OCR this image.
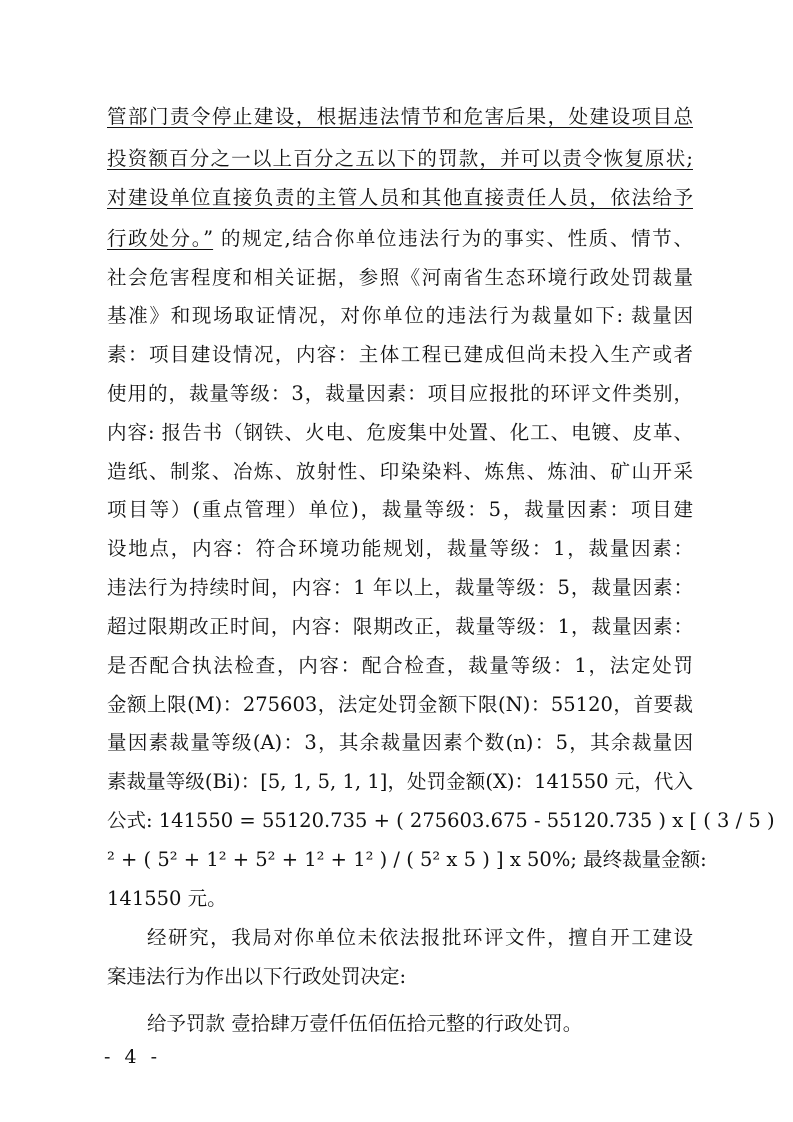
管部门责令停止建设，根据违法情节和危害后果，处建设项目总
投资额百分之一以上百分之五以下的罚款，并可以责令恢复原状;
对建设单位直接负责的主管人员和其他直接责任人员，依法给予
行政处分。” 的规定,结合你单位违法行为的事实、性质、情节、
社会危害程度和相关证据，参照《河南省生态环境行政处罚裁量
基准》和现场取证情况，对你单位的违法行为裁量如下: 裁量因
素：项目建设情况，内容：主体工程已建成但尚未投入生产或者
使用的，裁量等级：3，裁量因素：项目应报批的环评文件类别，
内容: 报告书（钢铁、火电、危废集中处置、化工、电镀、皮革、
造纸、制浆、冶炼、放射性、印染染料、炼焦、炼油、矿山开采
项目等）(重点管理）单位)，裁量等级：5，裁量因素：项目建
设地点，内容：符合环境功能规划，裁量等级：1，裁量因素：
违法行为持续时间，内容：1 年以上，裁量等级：5，裁量因素：
超过限期改正时间，内容：限期改正，裁量等级：1，裁量因素：
是否配合执法检查，内容：配合检查，裁量等级：1，法定处罚
金额上限(M)：275603，法定处罚金额下限(N)：55120，首要裁
量因素裁量等级(A)：3，其余裁量因素个数(n)：5，其余裁量因
素裁量等级(Bi)：[5, 1, 5, 1, 1]，处罚金额(X)：141550 元，代入
公式: 141550 = 55120.735 + ( 275603.675 - 55120.735 ) x [ ( 3 / 5 )
² + ( 5² + 1² + 5² + 1² + 1² ) / ( 5² x 5 ) ] x 50%; 最终裁量金额:
141550 元。
经研究，我局对你单位未依法报批环评文件，擅自开工建设
案违法行为作出以下行政处罚决定:
给予罚款 壹拾肆万壹仟伍佰伍拾元整的行政处罚。
- 4 -
